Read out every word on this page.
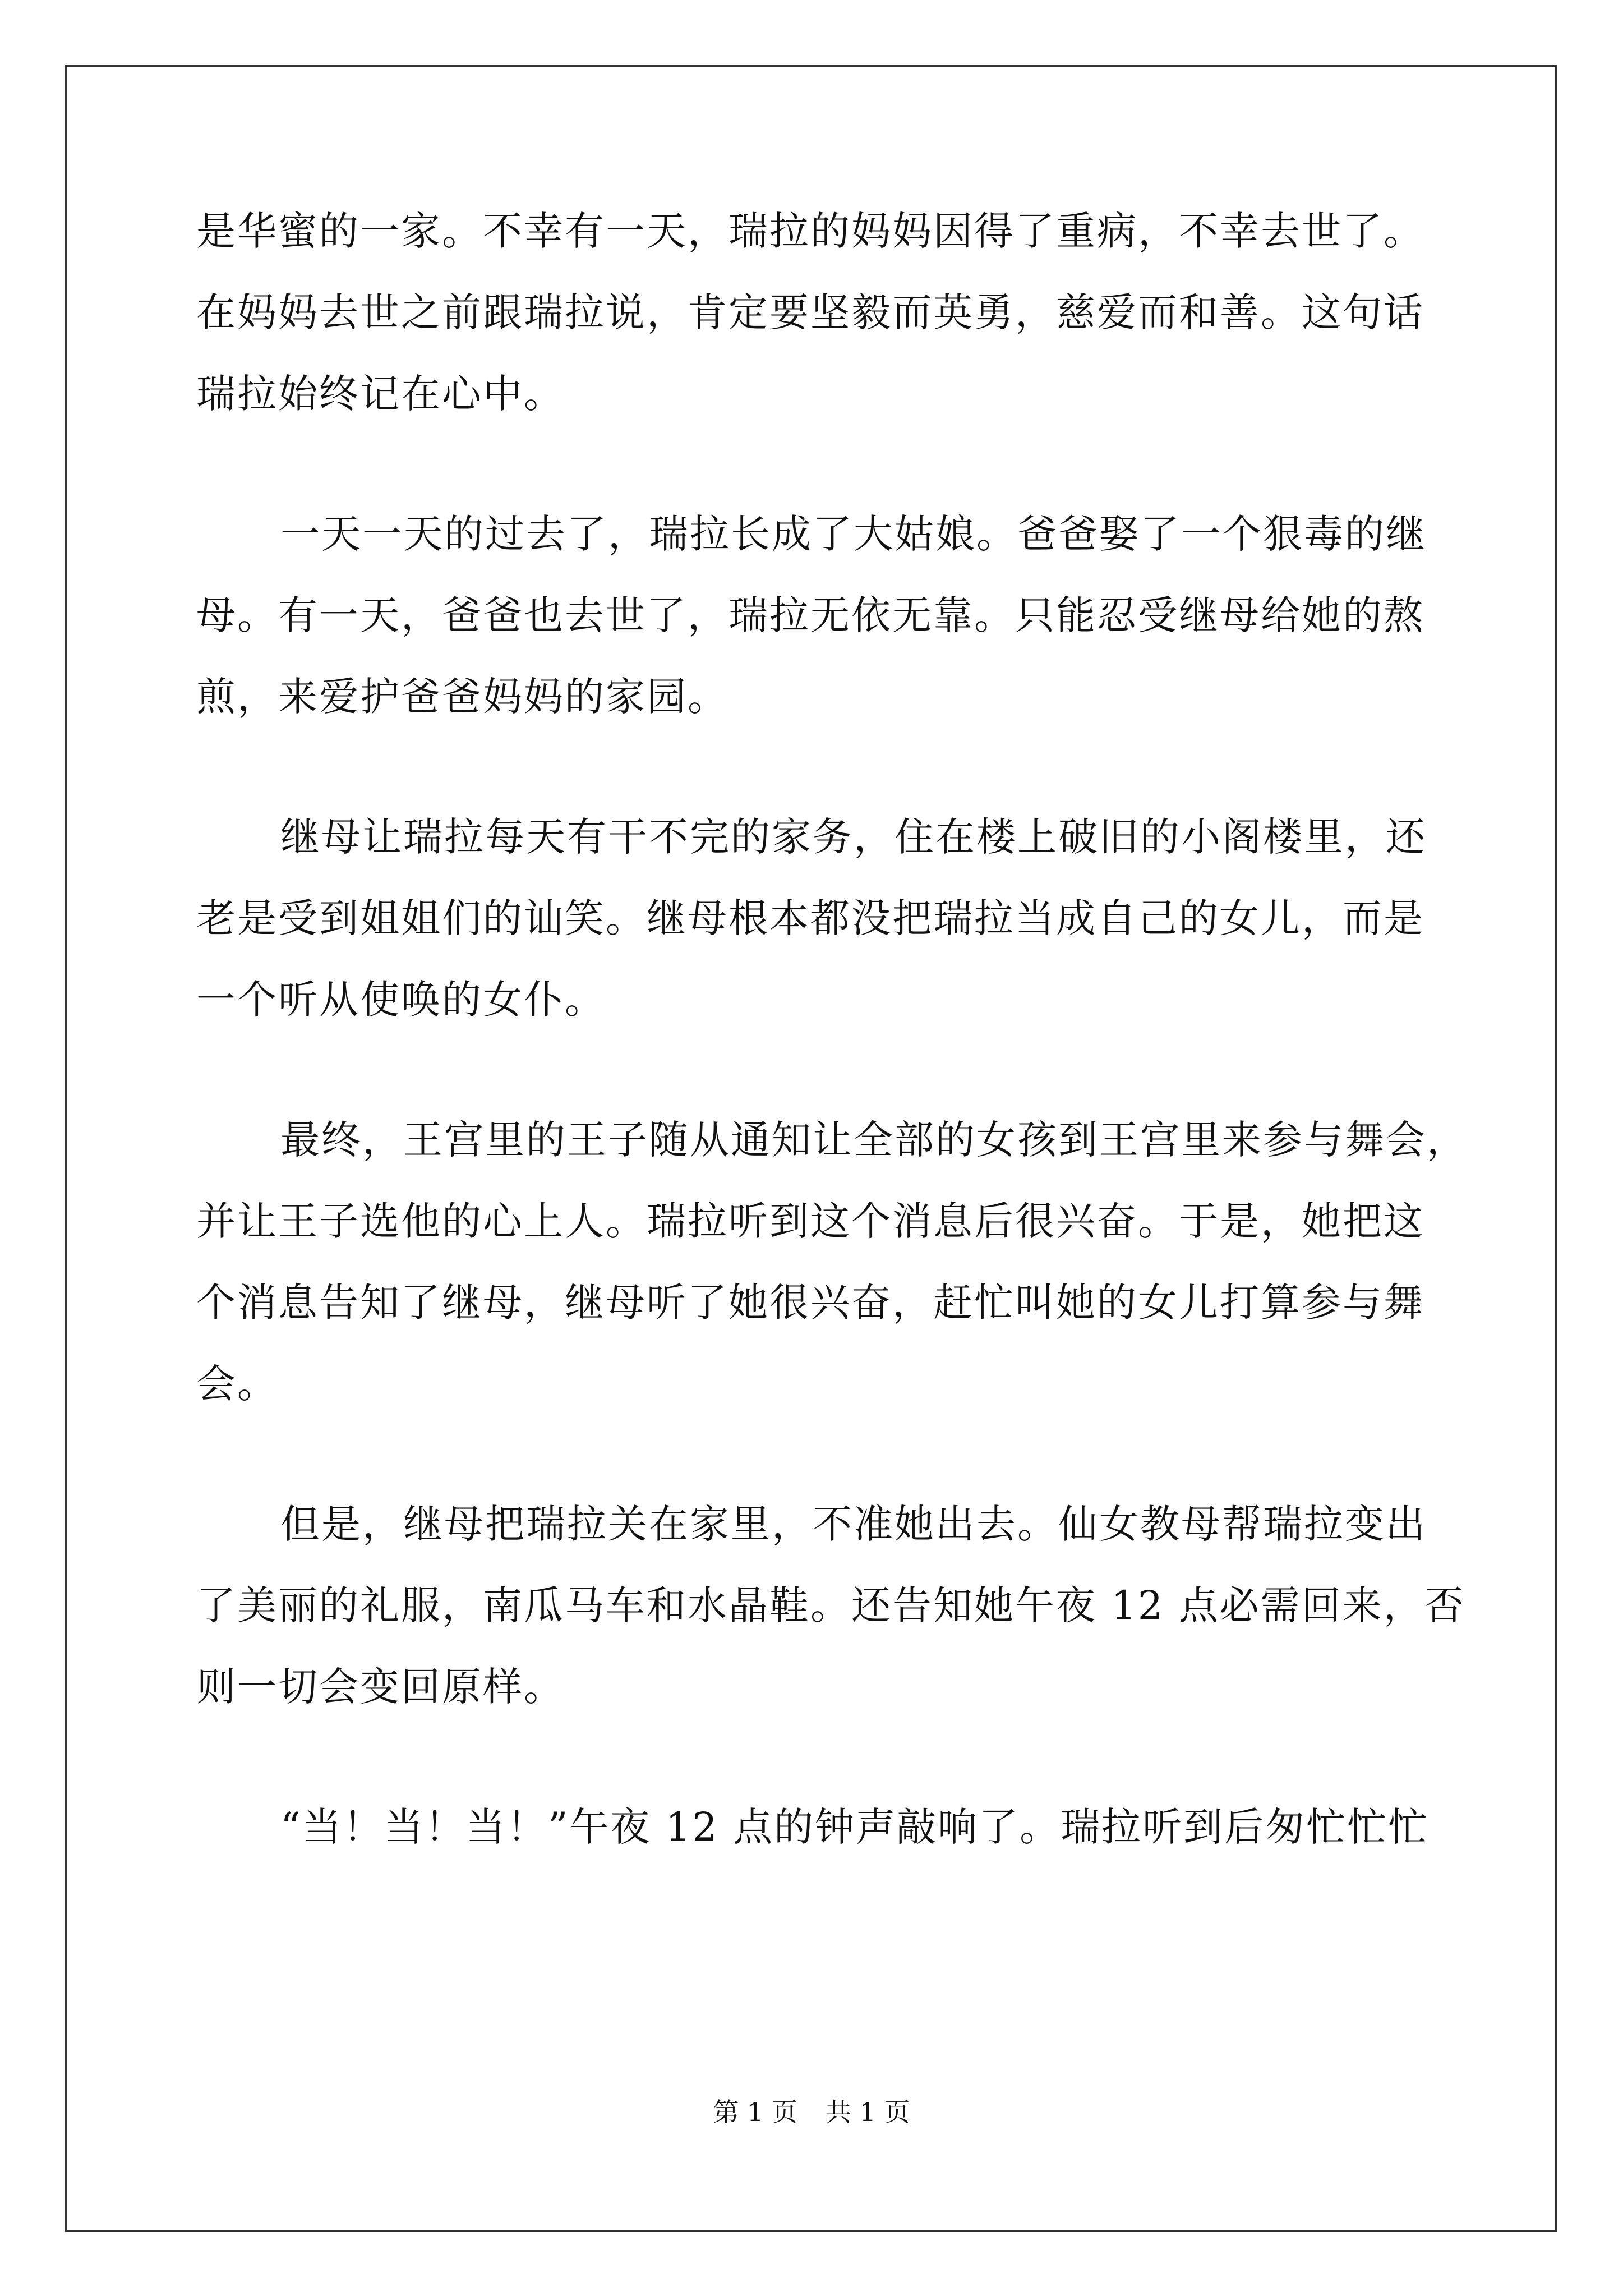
是华蜜的一家。不幸有一天，瑞拉的妈妈因得了重病，不幸去世了。
在妈妈去世之前跟瑞拉说，肯定要坚毅而英勇，慈爱而和善。这句话
瑞拉始终记在心中。
一天一天的过去了，瑞拉长成了大姑娘。爸爸娶了一个狠毒的继
母。有一天，爸爸也去世了，瑞拉无依无靠。只能忍受继母给她的熬
煎，来爱护爸爸妈妈的家园。
继母让瑞拉每天有干不完的家务，住在楼上破旧的小阁楼里，还
老是受到姐姐们的讪笑。继母根本都没把瑞拉当成自己的女儿，而是
一个听从使唤的女仆。
最终，王宫里的王子随从通知让全部的女孩到王宫里来参与舞会，
并让王子选他的心上人。瑞拉听到这个消息后很兴奋。于是，她把这
个消息告知了继母，继母听了她很兴奋，赶忙叫她的女儿打算参与舞
会。
但是，继母把瑞拉关在家里，不准她出去。仙女教母帮瑞拉变出
了美丽的礼服，南瓜马车和水晶鞋。还告知她午夜 12 点必需回来，否
则一切会变回原样。
“当！当！当！”午夜 12 点的钟声敲响了。瑞拉听到后匆忙忙忙
第 1 页 共 1 页
